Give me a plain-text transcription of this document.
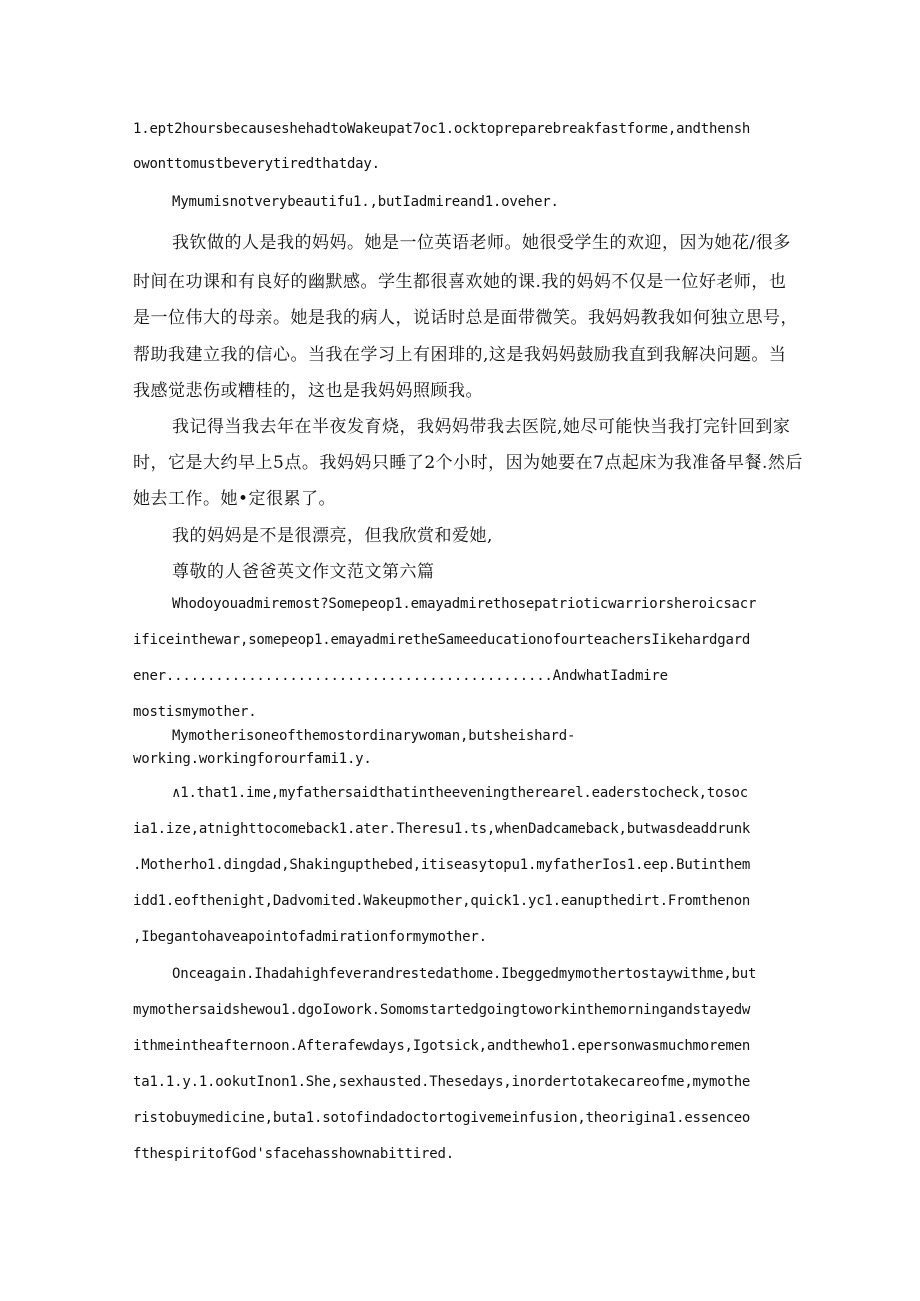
1.ept2hoursbecauseshehadtoWakeupat7oc1.ocktopreparebreakfastforme,andthensh
owonttomustbeverytiredthatday.
Mymumisnotverybeautifu1.,butIadmireand1.oveher.
我钦做的人是我的妈妈。她是一位英语老师。她很受学生的欢迎，因为她花/很多
时间在功课和有良好的幽默感。学生都很喜欢她的课.我的妈妈不仅是一位好老师，也
是一位伟大的母亲。她是我的病人，说话时总是面带微笑。我妈妈教我如何独立思号，
帮助我建立我的信心。当我在学习上有困琲的,这是我妈妈鼓励我直到我解决问题。当
我感觉悲伤或糟桂的，这也是我妈妈照顾我。
我记得当我去年在半夜发育烧，我妈妈带我去医院,她尽可能快当我打完针回到家
时，它是大约早上5点。我妈妈只睡了2个小时，因为她要在7点起床为我准备早餐.然后
她去工作。她•定很累了。
我的妈妈是不是很漂亮，但我欣赏和爱她,
尊敬的人爸爸英文作文范文第六篇
Whodoyouadmiremost?Somepeop1.emayadmirethosepatrioticwarriorsheroicsacr
ificeinthewar,somepeop1.emayadmiretheSameeducationofourteachersIikehardgard
ener...............................................AndwhatIadmire
mostismymother.
Mymotherisoneofthemostordinarywoman,butsheishard-
working.workingforourfami1.y.
∧1.that1.ime,myfathersaidthatintheeveningtherearel.eaderstocheck,tosoc
ia1.ize,atnighttocomeback1.ater.Theresu1.ts,whenDadcameback,butwasdeaddrunk
.Motherho1.dingdad,Shakingupthebed,itiseasytopu1.myfatherIos1.eep.Butinthem
idd1.eofthenight,Dadvomited.Wakeupmother,quick1.yc1.eanupthedirt.Fromthenon
,Ibegantohaveapointofadmirationformymother.
Onceagain.Ihadahighfeverandrestedathome.Ibeggedmymothertostaywithme,but
mymothersaidshewou1.dgoIowork.Somomstartedgoingtoworkinthemorningandstayedw
ithmeintheafternoon.Afterafewdays,Igotsick,andthewho1.epersonwasmuchmoremen
ta1.1.y.1.ookutInon1.She,sexhausted.Thesedays,inordertotakecareofme,mymothe
ristobuymedicine,buta1.sotofindadoctortogivemeinfusion,theorigina1.essenceo
fthespiritofGod'sfacehasshownabittired.
